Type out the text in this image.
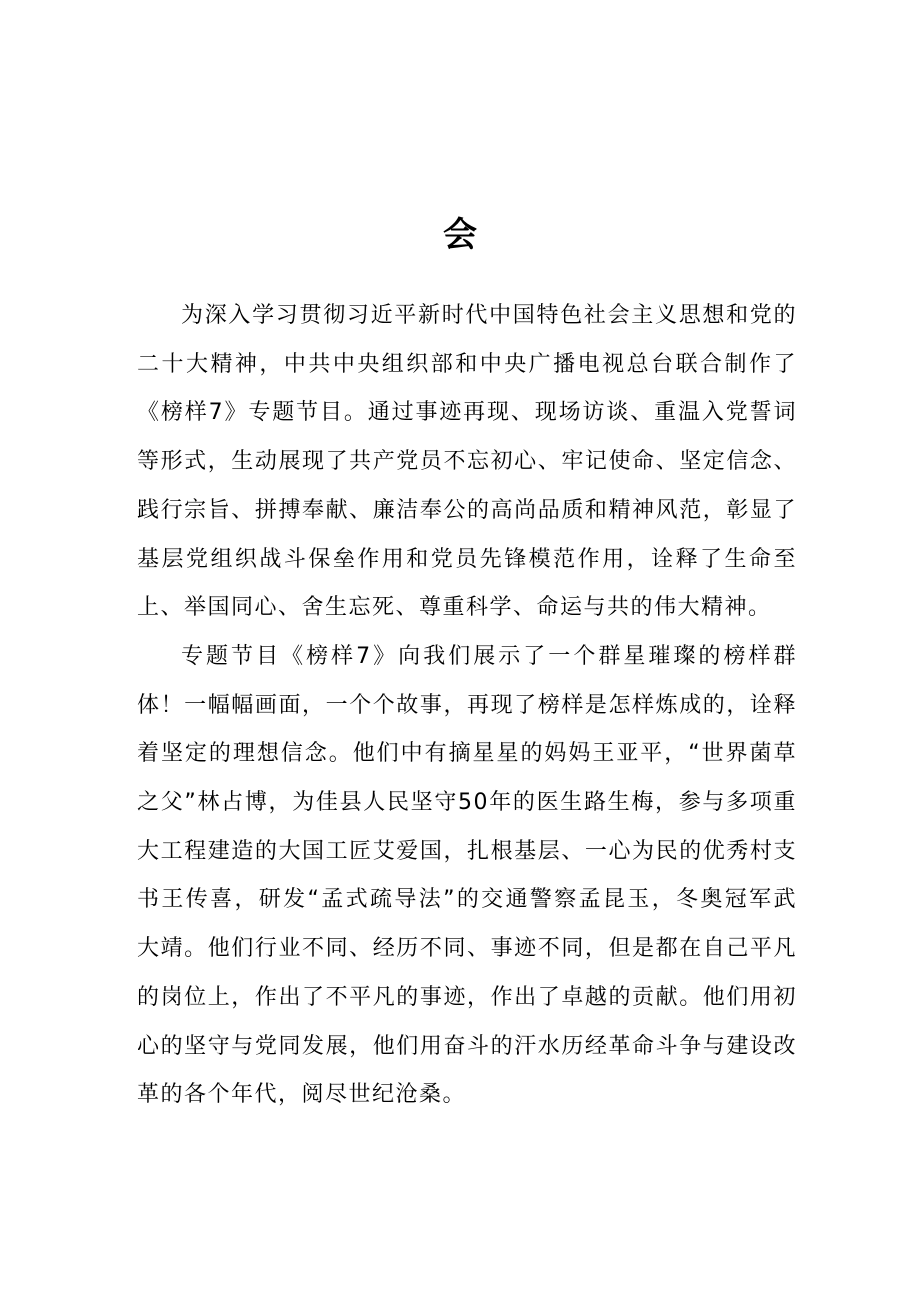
会

为深入学习贯彻习近平新时代中国特色社会主义思想和党的二十大精神，中共中央组织部和中央广播电视总台联合制作了《榜样7》专题节目。通过事迹再现、现场访谈、重温入党誓词等形式，生动展现了共产党员不忘初心、牢记使命、坚定信念、践行宗旨、拼搏奉献、廉洁奉公的高尚品质和精神风范，彰显了基层党组织战斗保垒作用和党员先锋模范作用，诠释了生命至上、举国同心、舍生忘死、尊重科学、命运与共的伟大精神。

专题节目《榜样7》向我们展示了一个群星璀璨的榜样群体！一幅幅画面，一个个故事，再现了榜样是怎样炼成的，诠释着坚定的理想信念。他们中有摘星星的妈妈王亚平，“世界菌草之父”林占博，为佳县人民坚守50年的医生路生梅，参与多项重大工程建造的大国工匠艾爱国，扎根基层、一心为民的优秀村支书王传喜，研发“孟式疏导法”的交通警察孟昆玉，冬奥冠军武大靖。他们行业不同、经历不同、事迹不同，但是都在自己平凡的岗位上，作出了不平凡的事迹，作出了卓越的贡献。他们用初心的坚守与党同发展，他们用奋斗的汗水历经革命斗争与建设改革的各个年代，阅尽世纪沧桑。
